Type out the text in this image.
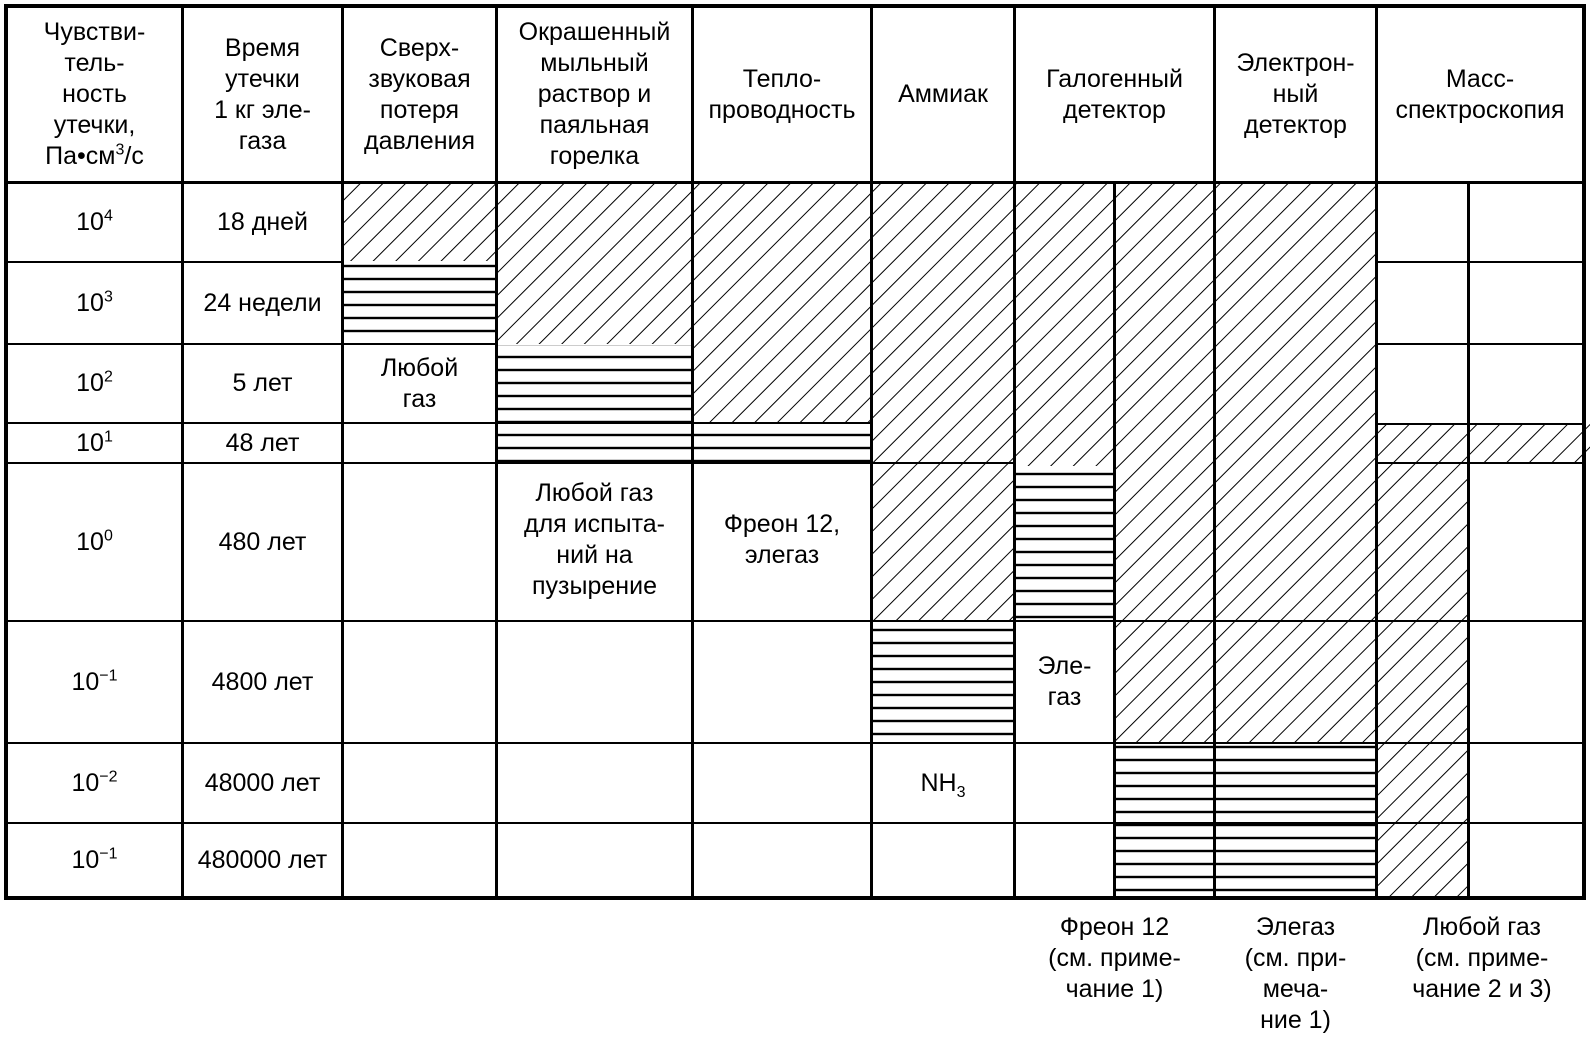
Чувстви-
тель-
ность
утечки,
$Па•см^3/с$
Время
утечки
1 кг эле-
газа
Сверх-
звуковая
потеря
давления
Окрашенный
мыльный
раствор и
паяльная
горелка
Тепло-
проводность
Аммиак
Галогенный
детектор
Электрон-
ный
детектор
Масс-
спектроскопия
$10^4$
$10^3$
$10^2$
$10^1$
$10^0$
$10^{-1}$
$10^{-2}$
$10^{-1}$
18 дней
24 недели
5 лет
48 лет
480 лет
4800 лет
48000 лет
480000 лет
Любой
газ
Любой газ
для испыта-
ний на
пузырение
Фреон 12,
элегаз
$NH_3$
Эле-
газ
Фреон 12
(см. приме-
чание 1)
Элегаз
(см. при-
меча-
ние 1)
Любой газ
(см. приме-
чание 2 и 3)
